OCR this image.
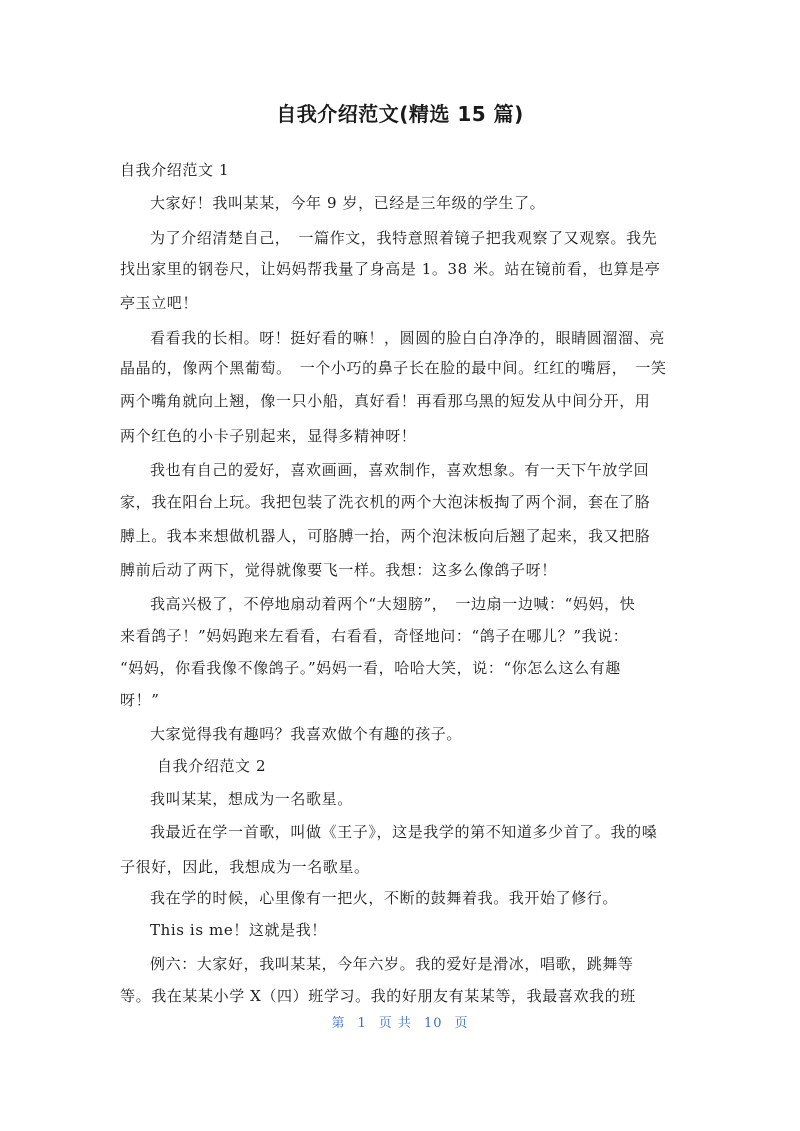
自我介绍范文(精选 15 篇)
自我介绍范文 1
大家好！我叫某某，今年 9 岁，已经是三年级的学生了。
为了介绍清楚自己，　一篇作文，我特意照着镜子把我观察了又观察。我先
找出家里的钢卷尺，让妈妈帮我量了身高是 1。38 米。站在镜前看，也算是亭
亭玉立吧！
看看我的长相。呀！挺好看的嘛！，圆圆的脸白白净净的，眼睛圆溜溜、亮
晶晶的，像两个黑葡萄。　一个小巧的鼻子长在脸的最中间。红红的嘴唇，　一笑
两个嘴角就向上翘，像一只小船，真好看！再看那乌黑的短发从中间分开，用
两个红色的小卡子别起来，显得多精神呀！
我也有自己的爱好，喜欢画画，喜欢制作，喜欢想象。有一天下午放学回
家，我在阳台上玩。我把包装了洗衣机的两个大泡沫板掏了两个洞，套在了胳
膊上。我本来想做机器人，可胳膊一抬，两个泡沫板向后翘了起来，我又把胳
膊前后动了两下，觉得就像要飞一样。我想：这多么像鸽子呀！
我高兴极了，不停地扇动着两个“大翅膀”，　一边扇一边喊：“妈妈，快
来看鸽子！”妈妈跑来左看看，右看看，奇怪地问：“鸽子在哪儿？”我说：
“妈妈，你看我像不像鸽子。”妈妈一看，哈哈大笑，说：“你怎么这么有趣
呀！”
大家觉得我有趣吗？我喜欢做个有趣的孩子。
自我介绍范文 2
我叫某某，想成为一名歌星。
我最近在学一首歌，叫做《王子》，这是我学的第不知道多少首了。我的嗓
子很好，因此，我想成为一名歌星。
我在学的时候，心里像有一把火，不断的鼓舞着我。我开始了修行。
This is me！这就是我！
例六：大家好，我叫某某，今年六岁。我的爱好是滑冰，唱歌，跳舞等
等。我在某某小学 X（四）班学习。我的好朋友有某某等，我最喜欢我的班
第 1 页 共 10 页
